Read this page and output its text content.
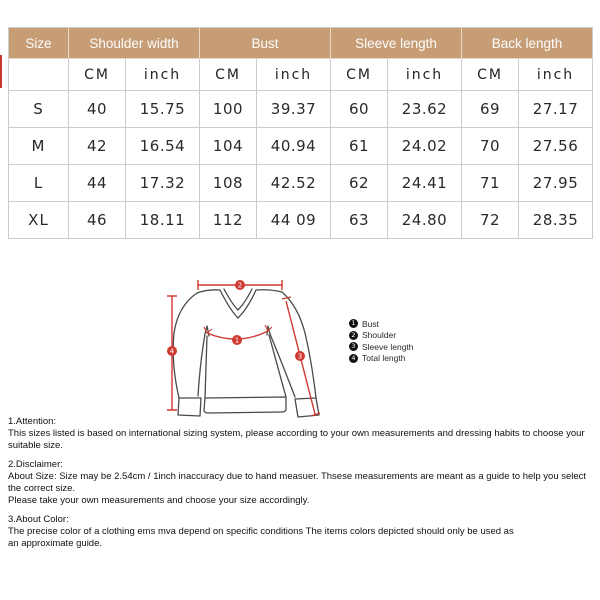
Size	Shoulder width		Bust		Sleeve length		Back length	
	CM	inch	CM	inch	CM	inch	CM	inch
S	40	15.75	100	39.37	60	23.62	69	27.17
M	42	16.54	104	40.94	61	24.02	70	27.56
L	44	17.32	108	42.52	62	24.41	71	27.95
XL	46	18.11	112	44 09	63	24.80	72	28.35
2
4
1
3
1 Bust
2 Shoulder
3 Sleeve length
4 Total length
1.Attention:
This sizes listed is based on international sizing system, please according to your own measurements and dressing habits to choose your suitable size.
2.Disclaimer:
About Size: Size may be 2.54cm / 1inch inaccuracy due to hand measuer. Thsese measurements are meant as a guide to help you select the correct size.
Please take your own measurements and choose your size accordingly.
3.About Color:
The precise color of a clothing ems mva depend on specific conditions The items colors depicted should only be used as
an approximate guide.
